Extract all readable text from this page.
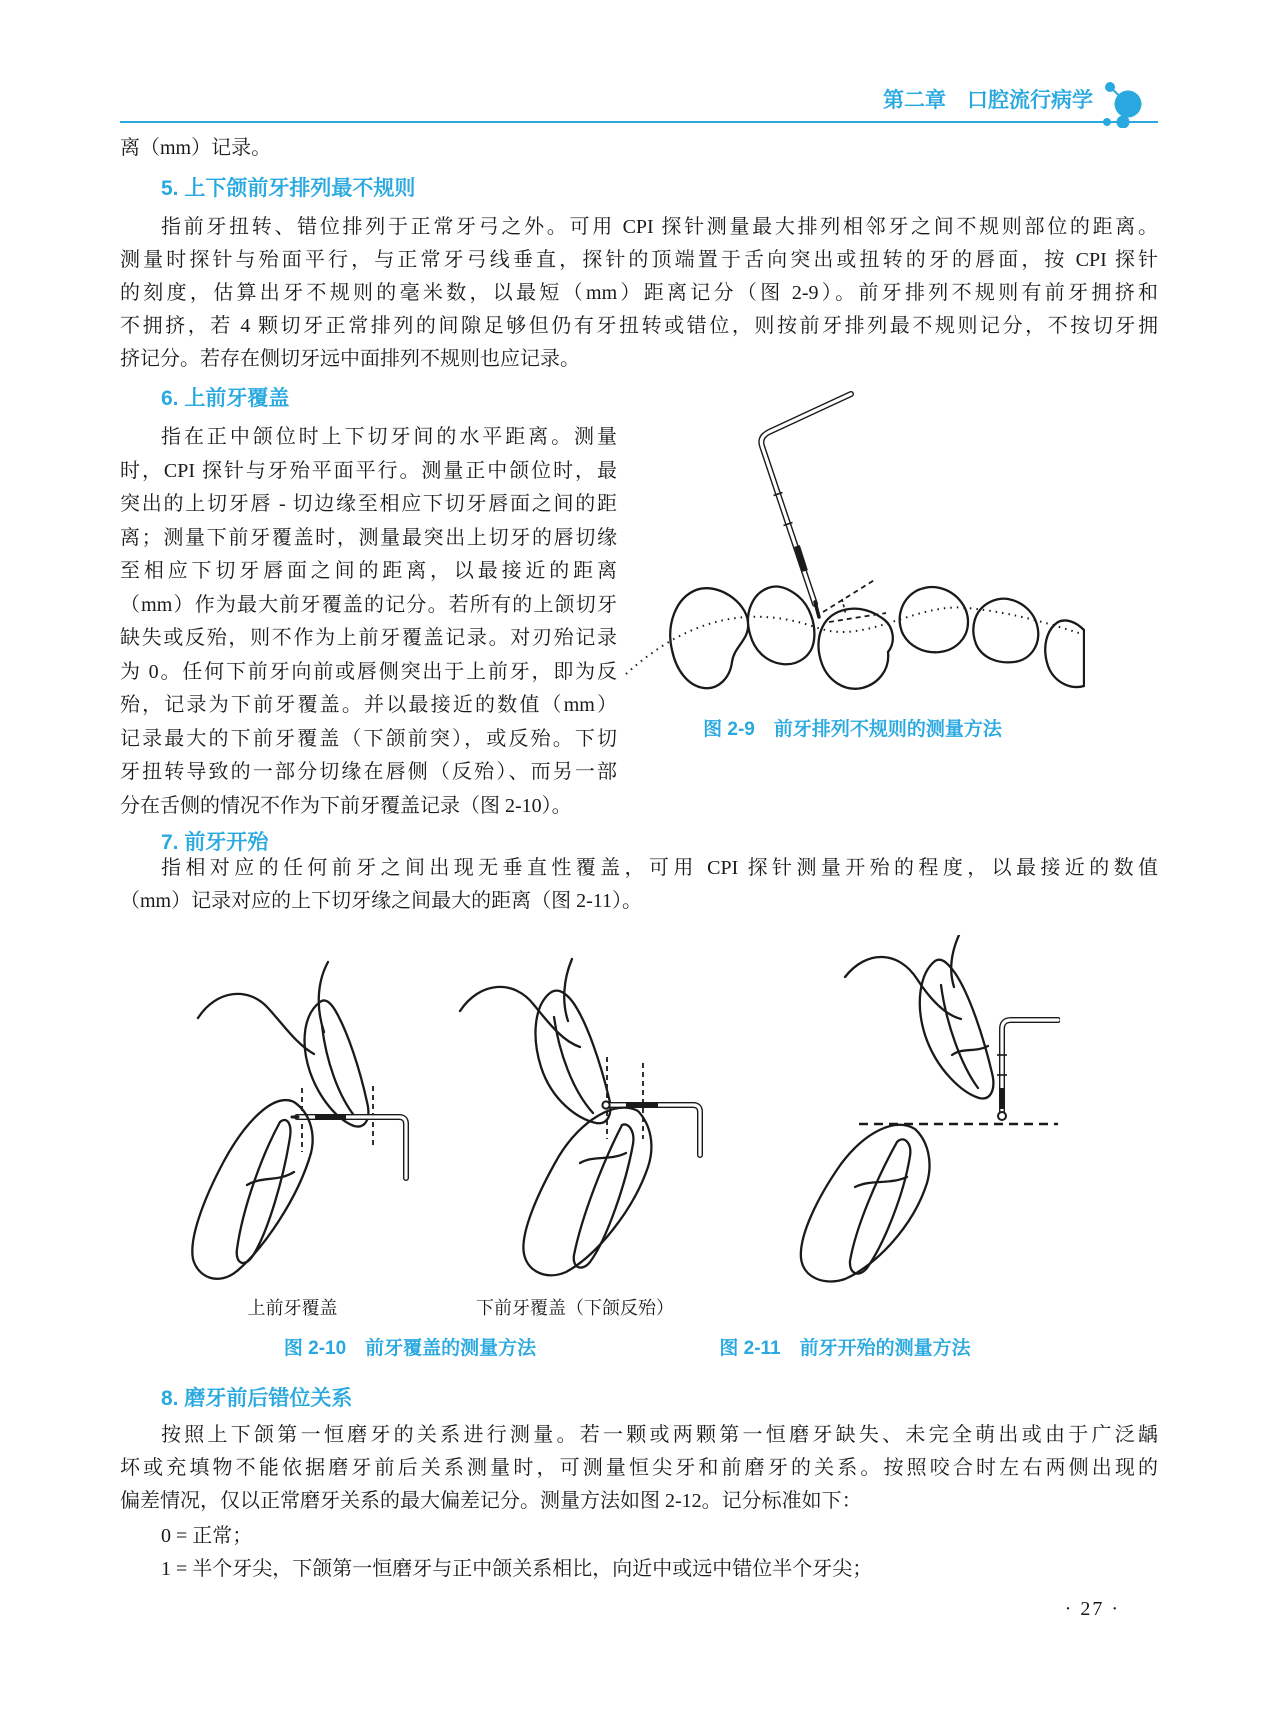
第二章　口腔流行病学
离（mm）记录。
5. 上下颌前牙排列最不规则
指前牙扭转、错位排列于正常牙弓之外。可用 CPI 探针测量最大排列相邻牙之间不规则部位的距离。
测量时探针与殆面平行，与正常牙弓线垂直，探针的顶端置于舌向突出或扭转的牙的唇面，按 CPI 探针
的刻度，估算出牙不规则的毫米数，以最短（mm）距离记分（图 2-9）。前牙排列不规则有前牙拥挤和
不拥挤，若 4 颗切牙正常排列的间隙足够但仍有牙扭转或错位，则按前牙排列最不规则记分，不按切牙拥
挤记分。若存在侧切牙远中面排列不规则也应记录。
6. 上前牙覆盖
指在正中颌位时上下切牙间的水平距离。测量
时，CPI 探针与牙殆平面平行。测量正中颌位时，最
突出的上切牙唇 - 切边缘至相应下切牙唇面之间的距
离；测量下前牙覆盖时，测量最突出上切牙的唇切缘
至相应下切牙唇面之间的距离，以最接近的距离
（mm）作为最大前牙覆盖的记分。若所有的上颌切牙
缺失或反殆，则不作为上前牙覆盖记录。对刃殆记录
为 0。任何下前牙向前或唇侧突出于上前牙，即为反
殆，记录为下前牙覆盖。并以最接近的数值（mm）
记录最大的下前牙覆盖（下颌前突），或反殆。下切
牙扭转导致的一部分切缘在唇侧（反殆）、而另一部
分在舌侧的情况不作为下前牙覆盖记录（图 2-10）。
图 2-9　前牙排列不规则的测量方法
7. 前牙开殆
指相对应的任何前牙之间出现无垂直性覆盖，可用 CPI 探针测量开殆的程度，以最接近的数值
（mm）记录对应的上下切牙缘之间最大的距离（图 2-11）。
上前牙覆盖	下前牙覆盖（下颌反殆）
图 2-10　前牙覆盖的测量方法	图 2-11　前牙开殆的测量方法
8. 磨牙前后错位关系
按照上下颌第一恒磨牙的关系进行测量。若一颗或两颗第一恒磨牙缺失、未完全萌出或由于广泛龋
坏或充填物不能依据磨牙前后关系测量时，可测量恒尖牙和前磨牙的关系。按照咬合时左右两侧出现的
偏差情况，仅以正常磨牙关系的最大偏差记分。测量方法如图 2-12。记分标准如下：
0 = 正常；
1 = 半个牙尖，下颌第一恒磨牙与正中颌关系相比，向近中或远中错位半个牙尖；
· 27 ·
